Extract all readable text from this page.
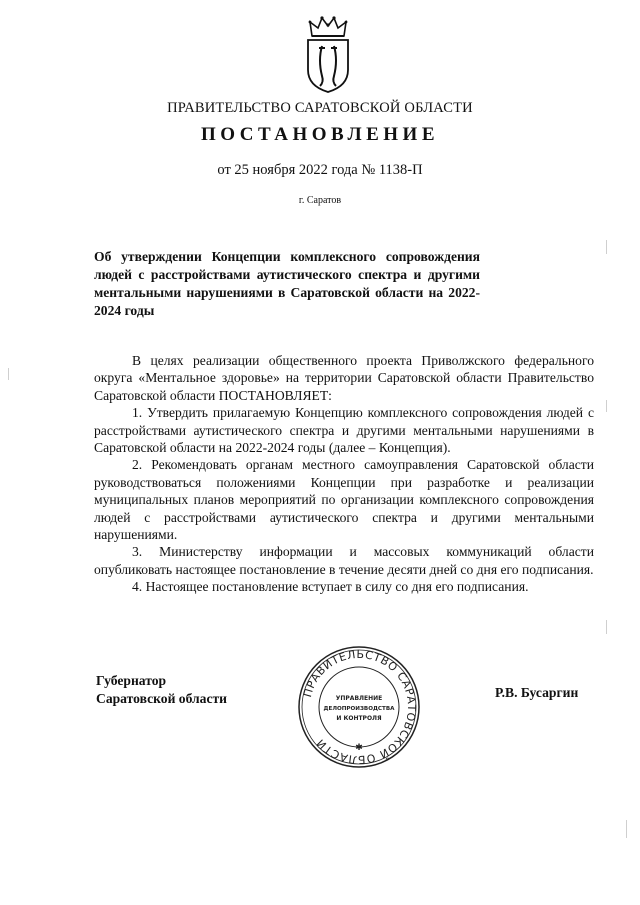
ПРАВИТЕЛЬСТВО САРАТОВСКОЙ ОБЛАСТИ
ПОСТАНОВЛЕНИЕ
от 25 ноября 2022 года № 1138-П
г. Саратов
Об утверждении Концепции комплексного сопровождения людей с расстройствами аутистического спектра и другими ментальными нарушениями в Саратовской области на 2022-2024 годы

В целях реализации общественного проекта Приволжского федерального округа «Ментальное здоровье» на территории Саратовской области Правительство Саратовской области ПОСТАНОВЛЯЕТ:

1. Утвердить прилагаемую Концепцию комплексного сопровождения людей с расстройствами аутистического спектра и другими ментальными нарушениями в Саратовской области на 2022-2024 годы (далее – Концепция).

2. Рекомендовать органам местного самоуправления Саратовской области руководствоваться положениями Концепции при разработке и реализации муниципальных планов мероприятий по организации комплексного сопровождения людей с расстройствами аутистического спектра и другими ментальными нарушениями.

3. Министерству информации и массовых коммуникаций области опубликовать настоящее постановление в течение десяти дней со дня его подписания.

4. Настоящее постановление вступает в силу со дня его подписания.

Губернатор
Саратовской области	Р.В. Бусаргин
ПРАВИТЕЛЬСТВО САРАТОВСКОЙ ОБЛАСТИ
УПРАВЛЕНИЕ
ДЕЛОПРОИЗВОДСТВА
И КОНТРОЛЯ
✱
